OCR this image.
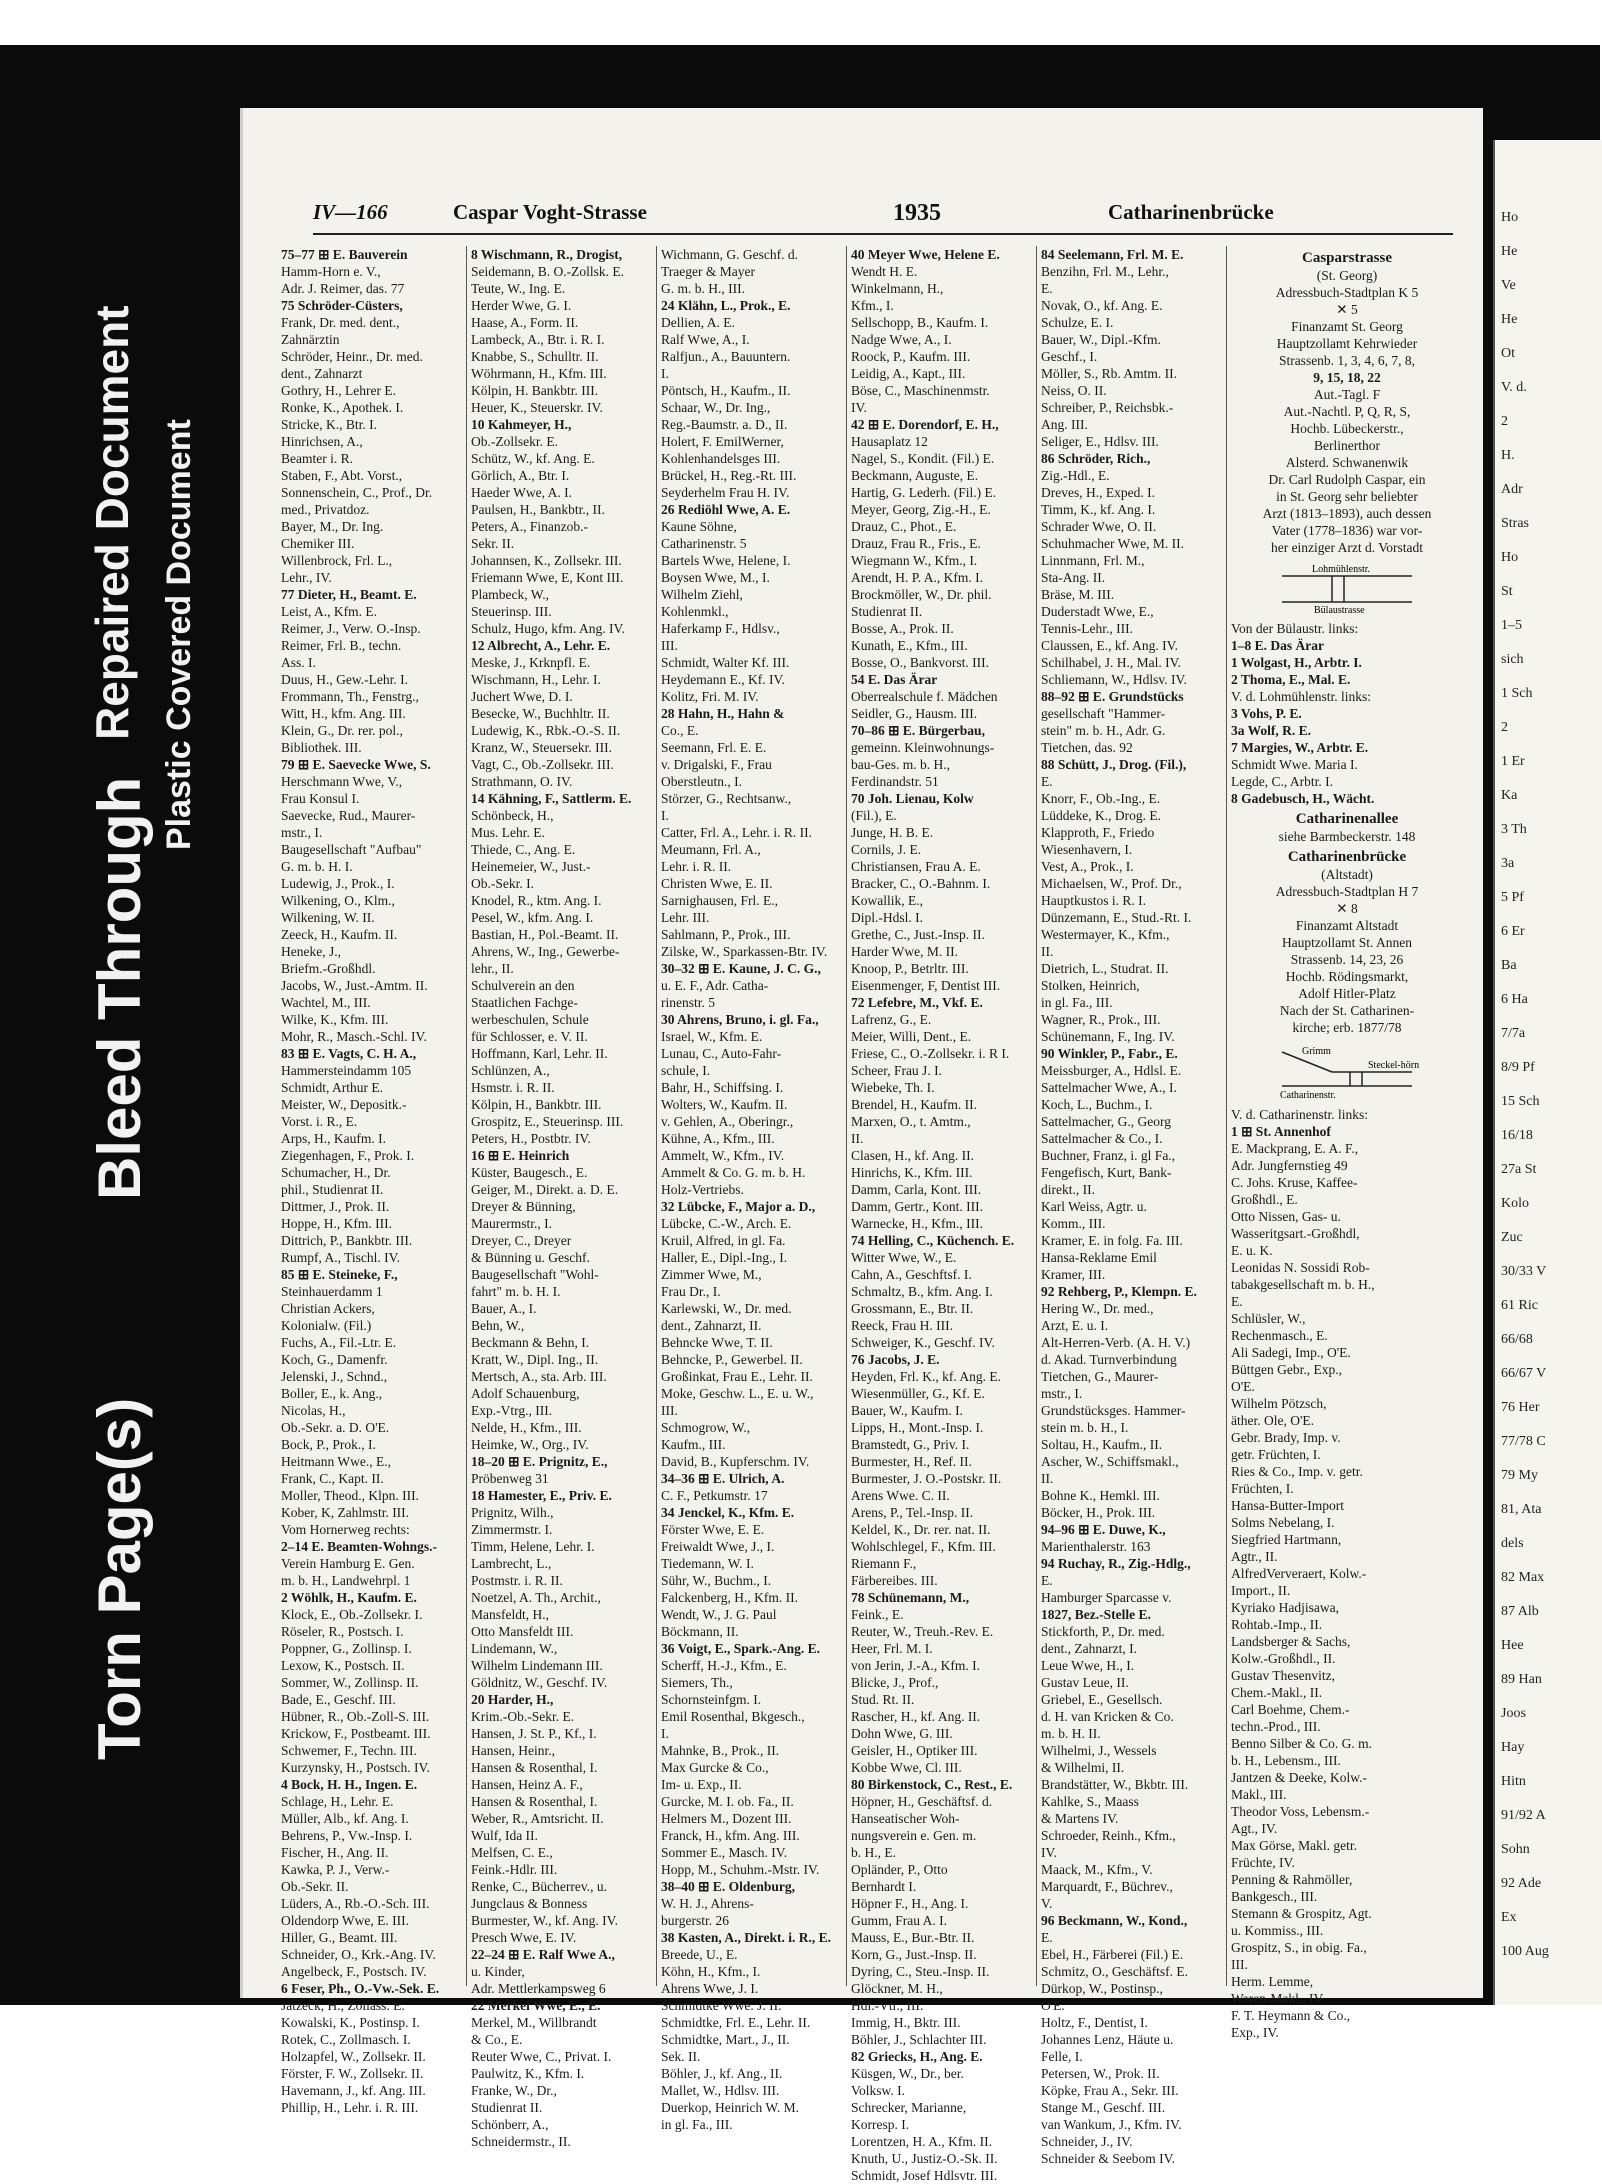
Torn Page(s)
Bleed Through
Repaired Document Plastic Covered Document
IV—166	Caspar Voght-Strasse	1935	Catharinenbrücke
75–77 ⊞ E. Bauverein
Hamm-Horn e. V.,
Adr. J. Reimer, das. 77
75 Schröder-Cüsters,
Frank, Dr. med. dent.,
Zahnärztin
Schröder, Heinr., Dr. med.
dent., Zahnarzt
Gothry, H., Lehrer E.
Ronke, K., Apothek. I.
Stricke, K., Btr. I.
Hinrichsen, A.,
Beamter i. R.
Staben, F., Abt. Vorst.,
Sonnenschein, C., Prof., Dr.
med., Privatdoz.
Bayer, M., Dr. Ing.
Chemiker III.
Willenbrock, Frl. L.,
Lehr., IV.
77 Dieter, H., Beamt. E.
Leist, A., Kfm. E.
Reimer, J., Verw. O.-Insp.
Reimer, Frl. B., techn.
Ass. I.
Duus, H., Gew.-Lehr. I.
Frommann, Th., Fenstrg.,
Witt, H., kfm. Ang. III.
Klein, G., Dr. rer. pol.,
Bibliothek. III.
79 ⊞ E. Saevecke Wwe, S.
Herschmann Wwe, V.,
Frau Konsul I.
Saevecke, Rud., Maurer-
mstr., I.
Baugesellschaft "Aufbau"
G. m. b. H. I.
Ludewig, J., Prok., I.
Wilkening, O., Klm.,
Wilkening, W. II.
Zeeck, H., Kaufm. II.
Heneke, J.,
Briefm.-Großhdl.
Jacobs, W., Just.-Amtm. II.
Wachtel, M., III.
Wilke, K., Kfm. III.
Mohr, R., Masch.-Schl. IV.
83 ⊞ E. Vagts, C. H. A.,
Hammersteindamm 105
Schmidt, Arthur E.
Meister, W., Depositk.-
Vorst. i. R., E.
Arps, H., Kaufm. I.
Ziegenhagen, F., Prok. I.
Schumacher, H., Dr.
phil., Studienrat II.
Dittmer, J., Prok. II.
Hoppe, H., Kfm. III.
Dittrich, P., Bankbtr. III.
Rumpf, A., Tischl. IV.
85 ⊞ E. Steineke, F.,
Steinhauerdamm 1
Christian Ackers,
Kolonialw. (Fil.)
Fuchs, A., Fil.-Ltr. E.
Koch, G., Damenfr.
Jelenski, J., Schnd.,
Boller, E., k. Ang.,
Nicolas, H.,
Ob.-Sekr. a. D. O'E.
Bock, P., Prok., I.
Heitmann Wwe., E.,
Frank, C., Kapt. II.
Moller, Theod., Klpn. III.
Kober, K, Zahlmstr. III.
Vom Hornerweg rechts:
2–14 E. Beamten-Wohngs.-
Verein Hamburg E. Gen.
m. b. H., Landwehrpl. 1
2 Wöhlk, H., Kaufm. E.
Klock, E., Ob.-Zollsekr. I.
Röseler, R., Postsch. I.
Poppner, G., Zollinsp. I.
Lexow, K., Postsch. II.
Sommer, W., Zollinsp. II.
Bade, E., Geschf. III.
Hübner, R., Ob.-Zoll-S. III.
Krickow, F., Postbeamt. III.
Schwemer, F., Techn. III.
Kurzynsky, H., Postsch. IV.
4 Bock, H. H., Ingen. E.
Schlage, H., Lehr. E.
Müller, Alb., kf. Ang. I.
Behrens, P., Vw.-Insp. I.
Fischer, H., Ang. II.
Kawka, P. J., Verw.-
Ob.-Sekr. II.
Lüders, A., Rb.-O.-Sch. III.
Oldendorp Wwe, E. III.
Hiller, G., Beamt. III.
Schneider, O., Krk.-Ang. IV.
Angelbeck, F., Postsch. IV.
6 Feser, Ph., O.-Vw.-Sek. E.
Jatzeck, H., Zollass. E.
Kowalski, K., Postinsp. I.
Rotek, C., Zollmasch. I.
Holzapfel, W., Zollsekr. II.
Förster, F. W., Zollsekr. II.
Havemann, J., kf. Ang. III.
Phillip, H., Lehr. i. R. III.
8 Wischmann, R., Drogist,
Seidemann, B. O.-Zollsk. E.
Teute, W., Ing. E.
Herder Wwe, G. I.
Haase, A., Form. II.
Lambeck, A., Btr. i. R. I.
Knabbe, S., Schulltr. II.
Wöhrmann, H., Kfm. III.
Kölpin, H. Bankbtr. III.
Heuer, K., Steuerskr. IV.
10 Kahmeyer, H.,
Ob.-Zollsekr. E.
Schütz, W., kf. Ang. E.
Görlich, A., Btr. I.
Haeder Wwe, A. I.
Paulsen, H., Bankbtr., II.
Peters, A., Finanzob.-
Sekr. II.
Johannsen, K., Zollsekr. III.
Friemann Wwe, E, Kont III.
Plambeck, W.,
Steuerinsp. III.
Schulz, Hugo, kfm. Ang. IV.
12 Albrecht, A., Lehr. E.
Meske, J., Krknpfl. E.
Wischmann, H., Lehr. I.
Juchert Wwe, D. I.
Besecke, W., Buchhltr. II.
Ludewig, K., Rbk.-O.-S. II.
Kranz, W., Steuersekr. III.
Vagt, C., Ob.-Zollsekr. III.
Strathmann, O. IV.
14 Kähning, F., Sattlerm. E.
Schönbeck, H.,
Mus. Lehr. E.
Thiede, C., Ang. E.
Heinemeier, W., Just.-
Ob.-Sekr. I.
Knodel, R., ktm. Ang. I.
Pesel, W., kfm. Ang. I.
Bastian, H., Pol.-Beamt. II.
Ahrens, W., Ing., Gewerbe-
lehr., II.
Schulverein an den
Staatlichen Fachge-
werbeschulen, Schule
für Schlosser, e. V. II.
Hoffmann, Karl, Lehr. II.
Schlünzen, A.,
Hsmstr. i. R. II.
Kölpin, H., Bankbtr. III.
Grospitz, E., Steuerinsp. III.
Peters, H., Postbtr. IV.
16 ⊞ E. Heinrich
Küster, Baugesch., E.
Geiger, M., Direkt. a. D. E.
Dreyer & Bünning,
Maurermstr., I.
Dreyer, C., Dreyer
& Bünning u. Geschf.
Baugesellschaft "Wohl-
fahrt" m. b. H. I.
Bauer, A., I.
Behn, W.,
Beckmann & Behn, I.
Kratt, W., Dipl. Ing., II.
Mertsch, A., sta. Arb. III.
Adolf Schauenburg,
Exp.-Vtrg., III.
Nelde, H., Kfm., III.
Heimke, W., Org., IV.
18–20 ⊞ E. Prignitz, E.,
Pröbenweg 31
18 Hamester, E., Priv. E.
Prignitz, Wilh.,
Zimmermstr. I.
Timm, Helene, Lehr. I.
Lambrecht, L.,
Postmstr. i. R. II.
Noetzel, A. Th., Archit.,
Mansfeldt, H.,
Otto Mansfeldt III.
Lindemann, W.,
Wilhelm Lindemann III.
Göldnitz, W., Geschf. IV.
20 Harder, H.,
Krim.-Ob.-Sekr. E.
Hansen, J. St. P., Kf., I.
Hansen, Heinr.,
Hansen & Rosenthal, I.
Hansen, Heinz A. F.,
Hansen & Rosenthal, I.
Weber, R., Amtsricht. II.
Wulf, Ida II.
Melfsen, C. E.,
Feink.-Hdlr. III.
Renke, C., Bücherrev., u.
Jungclaus & Bonness
Burmester, W., kf. Ang. IV.
Presch Wwe, E. IV.
22–24 ⊞ E. Ralf Wwe A.,
u. Kinder,
Adr. Mettlerkampsweg 6
22 Merkel Wwe, E., E.
Merkel, M., Willbrandt
& Co., E.
Reuter Wwe, C., Privat. I.
Paulwitz, K., Kfm. I.
Franke, W., Dr.,
Studienrat II.
Schönberr, A.,
Schneidermstr., II.
Wichmann, G. Geschf. d.
Traeger & Mayer
G. m. b. H., III.
24 Klähn, L., Prok., E.
Dellien, A. E.
Ralf Wwe, A., I.
Ralfjun., A., Bauuntern.
I.
Pöntsch, H., Kaufm., II.
Schaar, W., Dr. Ing.,
Reg.-Baumstr. a. D., II.
Holert, F. EmilWerner,
Kohlenhandelsges III.
Brückel, H., Reg.-Rt. III.
Seyderhelm Frau H. IV.
26 Rediöhl Wwe, A. E.
Kaune Söhne,
Catharinenstr. 5
Bartels Wwe, Helene, I.
Boysen Wwe, M., I.
Wilhelm Ziehl,
Kohlenmkl.,
Haferkamp F., Hdlsv.,
III.
Schmidt, Walter Kf. III.
Heydemann E., Kf. IV.
Kolitz, Fri. M. IV.
28 Hahn, H., Hahn &
Co., E.
Seemann, Frl. E. E.
v. Drigalski, F., Frau
Oberstleutn., I.
Störzer, G., Rechtsanw.,
I.
Catter, Frl. A., Lehr. i. R. II.
Meumann, Frl. A.,
Lehr. i. R. II.
Christen Wwe, E. II.
Sarnighausen, Frl. E.,
Lehr. III.
Sahlmann, P., Prok., III.
Zilske, W., Sparkassen-Btr. IV.
30–32 ⊞ E. Kaune, J. C. G.,
u. E. F., Adr. Catha-
rinenstr. 5
30 Ahrens, Bruno, i. gl. Fa.,
Israel, W., Kfm. E.
Lunau, C., Auto-Fahr-
schule, I.
Bahr, H., Schiffsing. I.
Wolters, W., Kaufm. II.
v. Gehlen, A., Oberingr.,
Kühne, A., Kfm., III.
Ammelt, W., Kfm., IV.
Ammelt & Co. G. m. b. H.
Holz-Vertriebs.
32 Lübcke, F., Major a. D.,
Lübcke, C.-W., Arch. E.
Kruil, Alfred, in gl. Fa.
Haller, E., Dipl.-Ing., I.
Zimmer Wwe, M.,
Frau Dr., I.
Karlewski, W., Dr. med.
dent., Zahnarzt, II.
Behncke Wwe, T. II.
Behncke, P., Gewerbel. II.
Großinkat, Frau E., Lehr. II.
Moke, Geschw. L., E. u. W.,
III.
Schmogrow, W.,
Kaufm., III.
David, B., Kupferschm. IV.
34–36 ⊞ E. Ulrich, A.
C. F., Petkumstr. 17
34 Jenckel, K., Kfm. E.
Förster Wwe, E. E.
Freiwaldt Wwe, J., I.
Tiedemann, W. I.
Sühr, W., Buchm., I.
Falckenberg, H., Kfm. II.
Wendt, W., J. G. Paul
Böckmann, II.
36 Voigt, E., Spark.-Ang. E.
Scherff, H.-J., Kfm., E.
Siemers, Th.,
Schornsteinfgm. I.
Emil Rosenthal, Bkgesch.,
I.
Mahnke, B., Prok., II.
Max Gurcke & Co.,
Im- u. Exp., II.
Gurcke, M. I. ob. Fa., II.
Helmers M., Dozent III.
Franck, H., kfm. Ang. III.
Sommer E., Masch. IV.
Hopp, M., Schuhm.-Mstr. IV.
38–40 ⊞ E. Oldenburg,
W. H. J., Ahrens-
burgerstr. 26
38 Kasten, A., Direkt. i. R., E.
Breede, U., E.
Köhn, H., Kfm., I.
Ahrens Wwe, J. I.
Schmidtke Wwe. J. II.
Schmidtke, Frl. E., Lehr. II.
Schmidtke, Mart., J., II.
Sek. II.
Böhler, J., kf. Ang., II.
Mallet, W., Hdlsv. III.
Duerkop, Heinrich W. M.
in gl. Fa., III.
40 Meyer Wwe, Helene E.
Wendt H. E.
Winkelmann, H.,
Kfm., I.
Sellschopp, B., Kaufm. I.
Nadge Wwe, A., I.
Roock, P., Kaufm. III.
Leidig, A., Kapt., III.
Böse, C., Maschinenmstr.
IV.
42 ⊞ E. Dorendorf, E. H.,
Hausaplatz 12
Nagel, S., Kondit. (Fil.) E.
Beckmann, Auguste, E.
Hartig, G. Lederh. (Fil.) E.
Meyer, Georg, Zig.-H., E.
Drauz, C., Phot., E.
Drauz, Frau R., Fris., E.
Wiegmann W., Kfm., I.
Arendt, H. P. A., Kfm. I.
Brockmöller, W., Dr. phil.
Studienrat II.
Bosse, A., Prok. II.
Kunath, E., Kfm., III.
Bosse, O., Bankvorst. III.
54 E. Das Ärar
Oberrealschule f. Mädchen
Seidler, G., Hausm. III.
70–86 ⊞ E. Bürgerbau,
gemeinn. Kleinwohnungs-
bau-Ges. m. b. H.,
Ferdinandstr. 51
70 Joh. Lienau, Kolw
(Fil.), E.
Junge, H. B. E.
Cornils, J. E.
Christiansen, Frau A. E.
Bracker, C., O.-Bahnm. I.
Kowallik, E.,
Dipl.-Hdsl. I.
Grethe, C., Just.-Insp. II.
Harder Wwe, M. II.
Knoop, P., Betrltr. III.
Eisenmenger, F, Dentist III.
72 Lefebre, M., Vkf. E.
Lafrenz, G., E.
Meier, Willi, Dent., E.
Friese, C., O.-Zollsekr. i. R I.
Scheer, Frau J. I.
Wiebeke, Th. I.
Brendel, H., Kaufm. II.
Marxen, O., t. Amtm.,
II.
Clasen, H., kf. Ang. II.
Hinrichs, K., Kfm. III.
Damm, Carla, Kont. III.
Damm, Gertr., Kont. III.
Warnecke, H., Kfm., III.
74 Helling, C., Küchench. E.
Witter Wwe, W., E.
Cahn, A., Geschftsf. I.
Schmaltz, B., kfm. Ang. I.
Grossmann, E., Btr. II.
Reeck, Frau H. III.
Schweiger, K., Geschf. IV.
76 Jacobs, J. E.
Heyden, Frl. K., kf. Ang. E.
Wiesenmüller, G., Kf. E.
Bauer, W., Kaufm. I.
Lipps, H., Mont.-Insp. I.
Bramstedt, G., Priv. I.
Burmester, H., Ref. II.
Burmester, J. O.-Postskr. II.
Arens Wwe. C. II.
Arens, P., Tel.-Insp. II.
Keldel, K., Dr. rer. nat. II.
Wohlschlegel, F., Kfm. III.
Riemann F.,
Färbereibes. III.
78 Schünemann, M.,
Feink., E.
Reuter, W., Treuh.-Rev. E.
Heer, Frl. M. I.
von Jerin, J.-A., Kfm. I.
Blicke, J., Prof.,
Stud. Rt. II.
Rascher, H., kf. Ang. II.
Dohn Wwe, G. III.
Geisler, H., Optiker III.
Kobbe Wwe, Cl. III.
80 Birkenstock, C., Rest., E.
Höpner, H., Geschäftsf. d.
Hanseatischer Woh-
nungsverein e. Gen. m.
b. H., E.
Opländer, P., Otto
Bernhardt I.
Höpner F., H., Ang. I.
Gumm, Frau A. I.
Mauss, E., Bur.-Btr. II.
Korn, G., Just.-Insp. II.
Dyring, C., Steu.-Insp. II.
Glöckner, M. H.,
Hdl.-Vtr., III.
Immig, H., Bktr. III.
Böhler, J., Schlachter III.
82 Griecks, H., Ang. E.
Küsgen, W., Dr., ber.
Volksw. I.
Schrecker, Marianne,
Korresp. I.
Lorentzen, H. A., Kfm. II.
Knuth, U., Justiz-O.-Sk. II.
Schmidt, Josef Hdlsvtr. III.
84 Seelemann, Frl. M. E.
Benzihn, Frl. M., Lehr.,
E.
Novak, O., kf. Ang. E.
Schulze, E. I.
Bauer, W., Dipl.-Kfm.
Geschf., I.
Möller, S., Rb. Amtm. II.
Neiss, O. II.
Schreiber, P., Reichsbk.-
Ang. III.
Seliger, E., Hdlsv. III.
86 Schröder, Rich.,
Zig.-Hdl., E.
Dreves, H., Exped. I.
Timm, K., kf. Ang. I.
Schrader Wwe, O. II.
Schuhmacher Wwe, M. II.
Linnmann, Frl. M.,
Sta-Ang. II.
Bräse, M. III.
Duderstadt Wwe, E.,
Tennis-Lehr., III.
Claussen, E., kf. Ang. IV.
Schilhabel, J. H., Mal. IV.
Schliemann, W., Hdlsv. IV.
88–92 ⊞ E. Grundstücks
gesellschaft "Hammer-
stein" m. b. H., Adr. G.
Tietchen, das. 92
88 Schütt, J., Drog. (Fil.),
E.
Knorr, F., Ob.-Ing., E.
Lüddeke, K., Drog. E.
Klapproth, F., Friedo
Wiesenhavern, I.
Vest, A., Prok., I.
Michaelsen, W., Prof. Dr.,
Hauptkustos i. R. I.
Dünzemann, E., Stud.-Rt. I.
Westermayer, K., Kfm.,
II.
Dietrich, L., Studrat. II.
Stolken, Heinrich,
in gl. Fa., III.
Wagner, R., Prok., III.
Schünemann, F., Ing. IV.
90 Winkler, P., Fabr., E.
Meissburger, A., Hdlsl. E.
Sattelmacher Wwe, A., I.
Koch, L., Buchm., I.
Sattelmacher, G., Georg
Sattelmacher & Co., I.
Buchner, Franz, i. gl Fa.,
Fengefisch, Kurt, Bank-
direkt., II.
Karl Weiss, Agtr. u.
Komm., III.
Kramer, E. in folg. Fa. III.
Hansa-Reklame Emil
Kramer, III.
92 Rehberg, P., Klempn. E.
Hering W., Dr. med.,
Arzt, E. u. I.
Alt-Herren-Verb. (A. H. V.)
d. Akad. Turnverbindung
Tietchen, G., Maurer-
mstr., I.
Grundstücksges. Hammer-
stein m. b. H., I.
Soltau, H., Kaufm., II.
Ascher, W., Schiffsmakl.,
II.
Bohne K., Hemkl. III.
Böcker, H., Prok. III.
94–96 ⊞ E. Duwe, K.,
Marienthalerstr. 163
94 Ruchay, R., Zig.-Hdlg.,
E.
Hamburger Sparcasse v.
1827, Bez.-Stelle E.
Stickforth, P., Dr. med.
dent., Zahnarzt, I.
Leue Wwe, H., I.
Gustav Leue, II.
Griebel, E., Gesellsch.
d. H. van Kricken & Co.
m. b. H. II.
Wilhelmi, J., Wessels
& Wilhelmi, II.
Brandstätter, W., Bkbtr. III.
Kahlke, S., Maass
& Martens IV.
Schroeder, Reinh., Kfm.,
IV.
Maack, M., Kfm., V.
Marquardt, F., Büchrev.,
V.
96 Beckmann, W., Kond.,
E.
Ebel, H., Färberei (Fil.) E.
Schmitz, O., Geschäftsf. E.
Dürkop, W., Postinsp.,
O'E.
Holtz, F., Dentist, I.
Johannes Lenz, Häute u.
Felle, I.
Petersen, W., Prok. II.
Köpke, Frau A., Sekr. III.
Stange M., Geschf. III.
van Wankum, J., Kfm. IV.
Schneider, J., IV.
Schneider & Seebom IV.
Casparstrasse
(St. Georg)
Adressbuch-Stadtplan K 5
✕ 5
Finanzamt St. Georg
Hauptzollamt Kehrwieder
Strassenb. 1, 3, 4, 6, 7, 8,
9, 15, 18, 22
Aut.-Tagl. F
Aut.-Nachtl. P, Q, R, S,
Hochb. Lübeckerstr.,
Berlinerthor
Alsterd. Schwanenwik
Dr. Carl Rudolph Caspar, ein
in St. Georg sehr beliebter
Arzt (1813–1893), auch dessen
Vater (1778–1836) war vor-
her einziger Arzt d. Vorstadt
Lohmühlenstr.
Bülaustrasse
Von der Bülaustr. links:
1–8 E. Das Ärar
1 Wolgast, H., Arbtr. I.
2 Thoma, E., Mal. E.
V. d. Lohmühlenstr. links:
3 Vohs, P. E.
3a Wolf, R. E.
7 Margies, W., Arbtr. E.
Schmidt Wwe. Maria I.
Legde, C., Arbtr. I.
8 Gadebusch, H., Wächt.
Catharinenallee
siehe Barmbeckerstr. 148
Catharinenbrücke
(Altstadt)
Adressbuch-Stadtplan H 7
✕ 8
Finanzamt Altstadt
Hauptzollamt St. Annen
Strassenb. 14, 23, 26
Hochb. Rödingsmarkt,
Adolf Hitler-Platz
Nach der St. Catharinen-
kirche; erb. 1877/78
Grimm
Catharinenstr.
Steckel-hörn
V. d. Catharinenstr. links:
1 ⊞ St. Annenhof
E. Mackprang, E. A. F.,
Adr. Jungfernstieg 49
C. Johs. Kruse, Kaffee-
Großhdl., E.
Otto Nissen, Gas- u.
Wasseritgsart.-Großhdl,
E. u. K.
Leonidas N. Sossidi Rob-
tabakgesellschaft m. b. H.,
E.
Schlüsler, W.,
Rechenmasch., E.
Ali Sadegi, Imp., O'E.
Büttgen Gebr., Exp.,
O'E.
Wilhelm Pötzsch,
äther. Ole, O'E.
Gebr. Brady, Imp. v.
getr. Früchten, I.
Ries & Co., Imp. v. getr.
Früchten, I.
Hansa-Butter-Import
Solms Nebelang, I.
Siegfried Hartmann,
Agtr., II.
AlfredVerveraert, Kolw.-
Import., II.
Kyriako Hadjisawa,
Rohtab.-Imp., II.
Landsberger & Sachs,
Kolw.-Großhdl., II.
Gustav Thesenvitz,
Chem.-Makl., II.
Carl Boehme, Chem.-
techn.-Prod., III.
Benno Silber & Co. G. m.
b. H., Lebensm., III.
Jantzen & Deeke, Kolw.-
Makl., III.
Theodor Voss, Lebensm.-
Agt., IV.
Max Görse, Makl. getr.
Früchte, IV.
Penning & Rahmöller,
Bankgesch., III.
Stemann & Grospitz, Agt.
u. Kommiss., III.
Grospitz, S., in obig. Fa.,
III.
Herm. Lemme,
Waren-Makl., IV.
F. T. Heymann & Co.,
Exp., IV.
Ho
He
Ve
He
Ot
V. d.
2
H.
Adr
Stras
Ho
St
1–5
sich
1 Sch
2
1 Er
Ka
3 Th
3a
5 Pf
6 Er
Ba
6 Ha
7/7a
8/9 Pf
15 Sch
16/18
27a St
Kolo
Zuc
30/33 V
61 Ric
66/68
66/67 V
76 Her
77/78 C
79 My
81, Ata
dels
82 Max
87 Alb
Hee
89 Han
Joos
Hay
Hitn
91/92 A
Sohn
92 Ade
Ex
100 Aug
